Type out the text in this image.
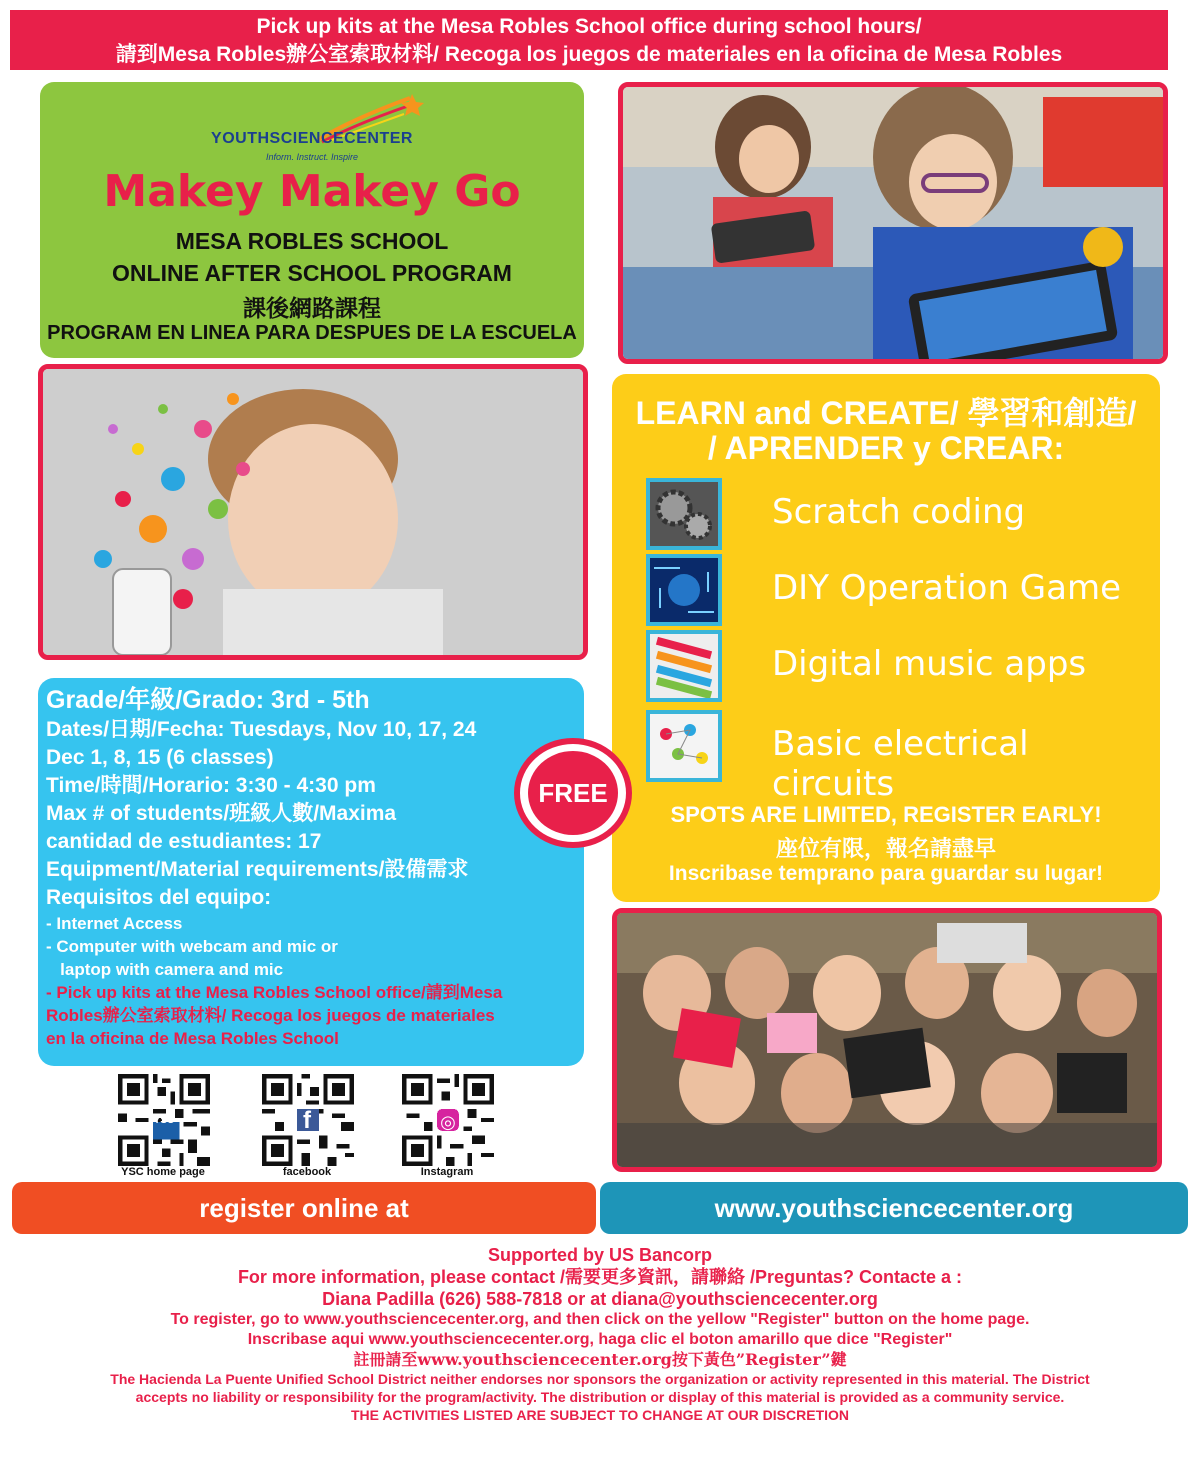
Pick up kits at the Mesa Robles School office during school hours/
請到Mesa Robles辦公室索取材料/ Recoga los juegos de materiales en la oficina de Mesa Robles
YOUTHSCIENCECENTER
Inform. Instruct. Inspire
Makey Makey Go
MESA ROBLES SCHOOL
ONLINE AFTER SCHOOL PROGRAM
課後網路課程
PROGRAM EN LINEA PARA DESPUES DE LA ESCUELA
LEARN and CREATE/ 學習和創造/
/ APRENDER y CREAR:
Scratch coding
DIY Operation Game
Digital music apps
Basic electrical circuits
SPOTS ARE LIMITED, REGISTER EARLY!
座位有限，報名請盡早
Inscribase temprano para guardar su lugar!

Grade/年級/Grado: 3rd - 5th

Dates/日期/Fecha: Tuesdays, Nov 10, 17, 24

Dec 1, 8, 15 (6 classes)

Time/時間/Horario: 3:30 - 4:30 pm

Max # of students/班級人數/Maxima

cantidad de estudiantes: 17

Equipment/Material requirements/設備需求

Requisitos del equipo:

- Internet Access

- Computer with webcam and mic or

laptop with camera and mic

- Pick up kits at the Mesa Robles School office/請到Mesa

Robles辦公室索取材料/ Recoga los juegos de materiales

en la oficina de Mesa Robles School

FREE
YSC home page
YSC
facebook
f
Instagram
◎
register online at	www.youthsciencecenter.org

Supported by US Bancorp

For more information, please contact /需要更多資訊，請聯絡 /Preguntas? Contacte a :

Diana Padilla (626) 588-7818 or at diana@youthsciencecenter.org

To register, go to www.youthsciencecenter.org, and then click on the yellow "Register" button on the home page.

Inscribase aqui www.youthsciencecenter.org, haga clic el boton amarillo que dice "Register"

註冊請至www.youthsciencecenter.org按下黃色”Register”鍵

The Hacienda La Puente Unified School District neither endorses nor sponsors the organization or activity represented in this material. The District

accepts no liability or responsibility for the program/activity. The distribution or display of this material is provided as a community service.

THE ACTIVITIES LISTED ARE SUBJECT TO CHANGE AT OUR DISCRETION
